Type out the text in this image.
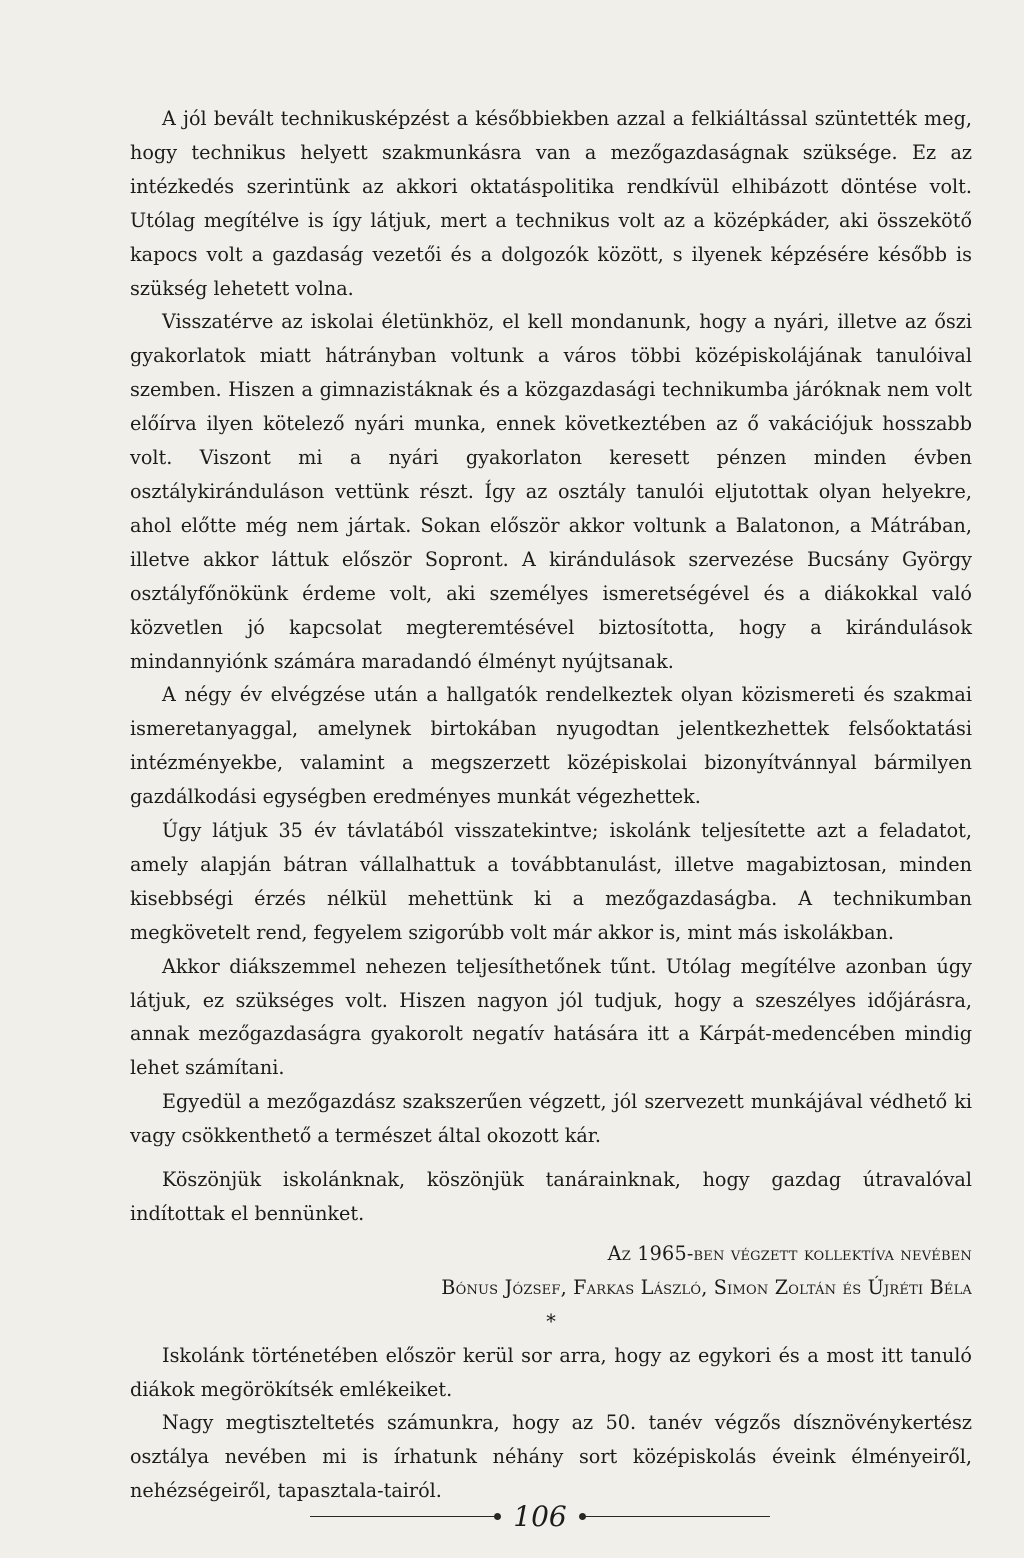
A jól bevált technikusképzést a későbbiekben azzal a felkiáltással szüntették meg, hogy technikus helyett szakmunkásra van a mezőgazdaságnak szüksége. Ez az intézkedés szerintünk az akkori oktatáspolitika rendkívül elhibázott döntése volt. Utólag megítélve is így látjuk, mert a technikus volt az a középkáder, aki összekötő kapocs volt a gazdaság vezetői és a dolgozók között, s ilyenek képzésére később is szükség lehetett volna.

Visszatérve az iskolai életünkhöz, el kell mondanunk, hogy a nyári, illetve az őszi gyakorlatok miatt hátrányban voltunk a város többi középiskolájának tanulóival szemben. Hiszen a gimnazistáknak és a közgazdasági technikumba járóknak nem volt előírva ilyen kötelező nyári munka, ennek következtében az ő vakációjuk hosszabb volt. Viszont mi a nyári gyakorlaton keresett pénzen minden évben osztálykiránduláson vettünk részt. Így az osztály tanulói eljutottak olyan helyekre, ahol előtte még nem jártak. Sokan először akkor voltunk a Balatonon, a Mátrában, illetve akkor láttuk először Sopront. A kirándulások szervezése Bucsány György osztályfőnökünk érdeme volt, aki személyes ismeretségével és a diákokkal való közvetlen jó kapcsolat megteremtésével biztosította, hogy a kirándulások mindannyiónk számára maradandó élményt nyújtsanak.

A négy év elvégzése után a hallgatók rendelkeztek olyan közismereti és szakmai ismeretanyaggal, amelynek birtokában nyugodtan jelentkezhettek felsőoktatási intézményekbe, valamint a megszerzett középiskolai bizonyítvánnyal bármilyen gazdálkodási egységben eredményes munkát végezhettek.

Úgy látjuk 35 év távlatából visszatekintve; iskolánk teljesítette azt a feladatot, amely alapján bátran vállalhattuk a továbbtanulást, illetve magabiztosan, minden kisebbségi érzés nélkül mehettünk ki a mezőgazdaságba. A technikumban megkövetelt rend, fegyelem szigorúbb volt már akkor is, mint más iskolákban.

Akkor diákszemmel nehezen teljesíthetőnek tűnt. Utólag megítélve azonban úgy látjuk, ez szükséges volt. Hiszen nagyon jól tudjuk, hogy a szeszélyes időjárásra, annak mezőgazdaságra gyakorolt negatív hatására itt a Kárpát-medencében mindig lehet számítani.

Egyedül a mezőgazdász szakszerűen végzett, jól szervezett munkájával védhető ki vagy csökkenthető a természet által okozott kár.

Köszönjük iskolánknak, köszönjük tanárainknak, hogy gazdag útravalóval indítottak el bennünket.

Az 1965-ben végzett kollektíva nevében

Bónus József, Farkas László, Simon Zoltán és Újréti Béla

*

Iskolánk történetében először kerül sor arra, hogy az egykori és a most itt tanuló diákok megörökítsék emlékeiket.

Nagy megtiszteltetés számunkra, hogy az 50. tanév végzős dísznövénykertész osztálya nevében mi is írhatunk néhány sort középiskolás éveink élményeiről, nehézségeiről, tapasztala-tairól.

106
